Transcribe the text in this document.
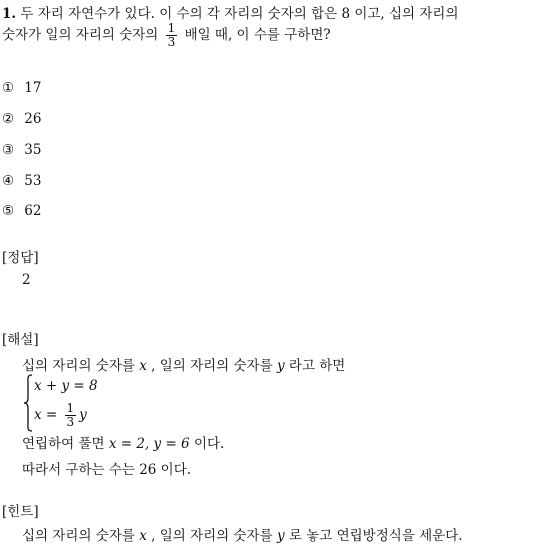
1. 두 자리 자연수가 있다. 이 수의 각 자리의 숫자의 합은 8 이고, 십의 자리의
숫자가 일의 자리의 숫자의 $\frac{1}{3}$ 배일 때, 이 수를 구하면?
① 17
② 26
③ 35
④ 53
⑤ 62
[정답]
2
[해설]
십의 자리의 숫자를 x , 일의 자리의 숫자를 y 라고 하면
x + y = 8
$x = \frac{1}{3}$ y
연립하여 풀면 x = 2, y = 6 이다.
따라서 구하는 수는 26 이다.
[힌트]
십의 자리의 숫자를 x , 일의 자리의 숫자를 y 로 놓고 연립방정식을 세운다.
